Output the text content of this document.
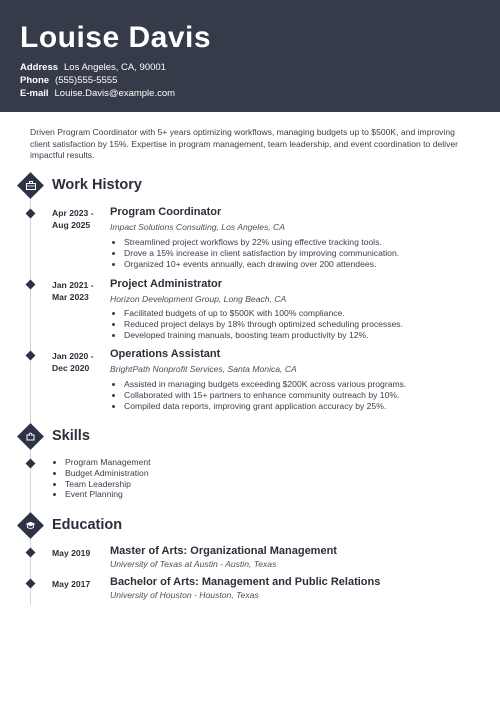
Louise Davis
Address Los Angeles, CA, 90001
Phone (555)555-5555
E-mail Louise.Davis@example.com
Driven Program Coordinator with 5+ years optimizing workflows, managing budgets up to $500K, and improving client satisfaction by 15%. Expertise in program management, team leadership, and event coordination to deliver impactful results.
Work History
Apr 2023 - Aug 2025
Program Coordinator
Impact Solutions Consulting, Los Angeles, CA
• Streamlined project workflows by 22% using effective tracking tools.
• Drove a 15% increase in client satisfaction by improving communication.
• Organized 10+ events annually, each drawing over 200 attendees.
Jan 2021 - Mar 2023
Project Administrator
Horizon Development Group, Long Beach, CA
• Facilitated budgets of up to $500K with 100% compliance.
• Reduced project delays by 18% through optimized scheduling processes.
• Developed training manuals, boosting team productivity by 12%.
Jan 2020 - Dec 2020
Operations Assistant
BrightPath Nonprofit Services, Santa Monica, CA
• Assisted in managing budgets exceeding $200K across various programs.
• Collaborated with 15+ partners to enhance community outreach by 10%.
• Compiled data reports, improving grant application accuracy by 25%.
Skills
• Program Management
• Budget Administration
• Team Leadership
• Event Planning
Education
May 2019	Master of Arts: Organizational Management
University of Texas at Austin - Austin, Texas
May 2017	Bachelor of Arts: Management and Public Relations
University of Houston - Houston, Texas
